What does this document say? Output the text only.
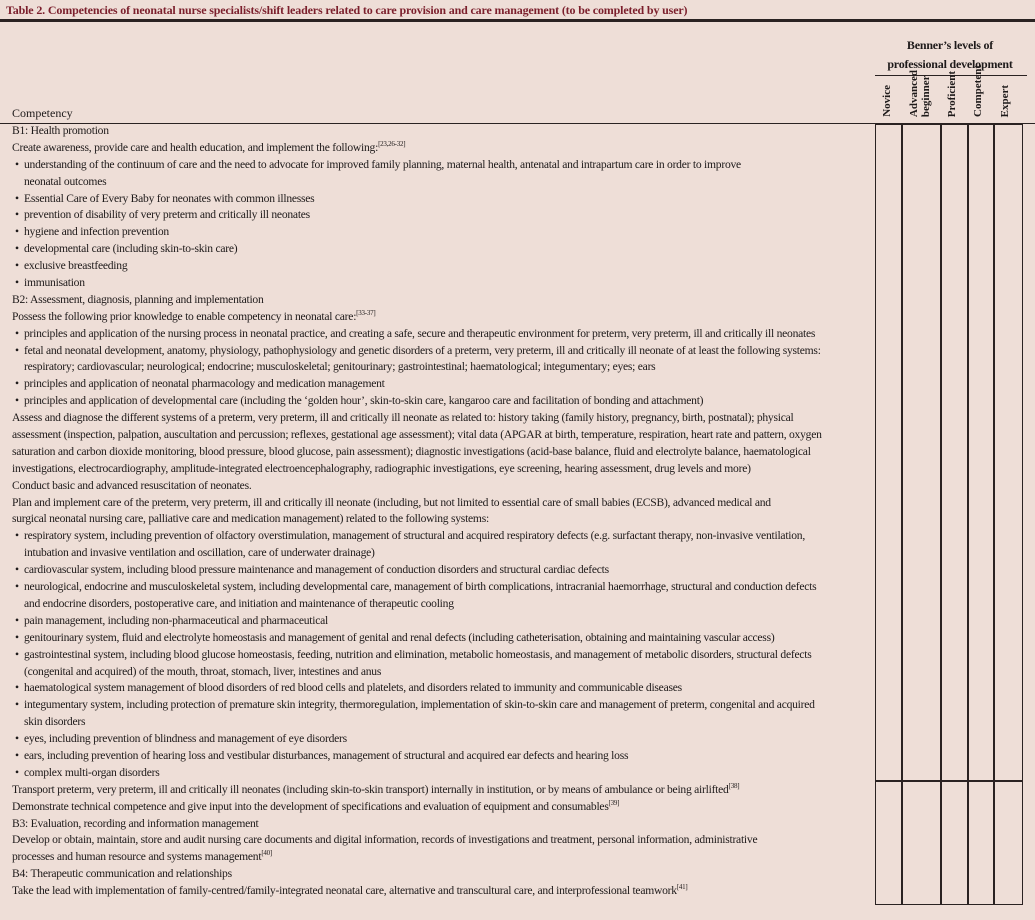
Table 2. Competencies of neonatal nurse specialists/shift leaders related to care provision and care management (to be completed by user)
Benner’s levels of
professional development
Novice Advanced
beginner Proficient Competent Expert
Competency
B1: Health promotion
Create awareness, provide care and health education, and implement the following:[23,26-32]
• understanding of the continuum of care and the need to advocate for improved family planning, maternal health, antenatal and intrapartum care in order to improve
neonatal outcomes
• Essential Care of Every Baby for neonates with common illnesses
• prevention of disability of very preterm and critically ill neonates
• hygiene and infection prevention
• developmental care (including skin-to-skin care)
• exclusive breastfeeding
• immunisation
B2: Assessment, diagnosis, planning and implementation
Possess the following prior knowledge to enable competency in neonatal care:[33-37]
• principles and application of the nursing process in neonatal practice, and creating a safe, secure and therapeutic environment for preterm, very preterm, ill and critically ill neonates
• fetal and neonatal development, anatomy, physiology, pathophysiology and genetic disorders of a preterm, very preterm, ill and critically ill neonate of at least the following systems:
respiratory; cardiovascular; neurological; endocrine; musculoskeletal; genitourinary; gastrointestinal; haematological; integumentary; eyes; ears
• principles and application of neonatal pharmacology and medication management
• principles and application of developmental care (including the ‘golden hour’, skin-to-skin care, kangaroo care and facilitation of bonding and attachment)
Assess and diagnose the different systems of a preterm, very preterm, ill and critically ill neonate as related to: history taking (family history, pregnancy, birth, postnatal); physical
assessment (inspection, palpation, auscultation and percussion; reflexes, gestational age assessment); vital data (APGAR at birth, temperature, respiration, heart rate and pattern, oxygen
saturation and carbon dioxide monitoring, blood pressure, blood glucose, pain assessment); diagnostic investigations (acid-base balance, fluid and electrolyte balance, haematological
investigations, electrocardiography, amplitude-integrated electroencephalography, radiographic investigations, eye screening, hearing assessment, drug levels and more)
Conduct basic and advanced resuscitation of neonates.
Plan and implement care of the preterm, very preterm, ill and critically ill neonate (including, but not limited to essential care of small babies (ECSB), advanced medical and
surgical neonatal nursing care, palliative care and medication management) related to the following systems:
• respiratory system, including prevention of olfactory overstimulation, management of structural and acquired respiratory defects (e.g. surfactant therapy, non-invasive ventilation,
intubation and invasive ventilation and oscillation, care of underwater drainage)
• cardiovascular system, including blood pressure maintenance and management of conduction disorders and structural cardiac defects
• neurological, endocrine and musculoskeletal system, including developmental care, management of birth complications, intracranial haemorrhage, structural and conduction defects
and endocrine disorders, postoperative care, and initiation and maintenance of therapeutic cooling
• pain management, including non-pharmaceutical and pharmaceutical
• genitourinary system, fluid and electrolyte homeostasis and management of genital and renal defects (including catheterisation, obtaining and maintaining vascular access)
• gastrointestinal system, including blood glucose homeostasis, feeding, nutrition and elimination, metabolic homeostasis, and management of metabolic disorders, structural defects
(congenital and acquired) of the mouth, throat, stomach, liver, intestines and anus
• haematological system management of blood disorders of red blood cells and platelets, and disorders related to immunity and communicable diseases
• integumentary system, including protection of premature skin integrity, thermoregulation, implementation of skin-to-skin care and management of preterm, congenital and acquired
skin disorders
• eyes, including prevention of blindness and management of eye disorders
• ears, including prevention of hearing loss and vestibular disturbances, management of structural and acquired ear defects and hearing loss
• complex multi-organ disorders
Transport preterm, very preterm, ill and critically ill neonates (including skin-to-skin transport) internally in institution, or by means of ambulance or being airlifted[38]
Demonstrate technical competence and give input into the development of specifications and evaluation of equipment and consumables[39]
B3: Evaluation, recording and information management
Develop or obtain, maintain, store and audit nursing care documents and digital information, records of investigations and treatment, personal information, administrative
processes and human resource and systems management[40]
B4: Therapeutic communication and relationships
Take the lead with implementation of family-centred/family-integrated neonatal care, alternative and transcultural care, and interprofessional teamwork[41]
